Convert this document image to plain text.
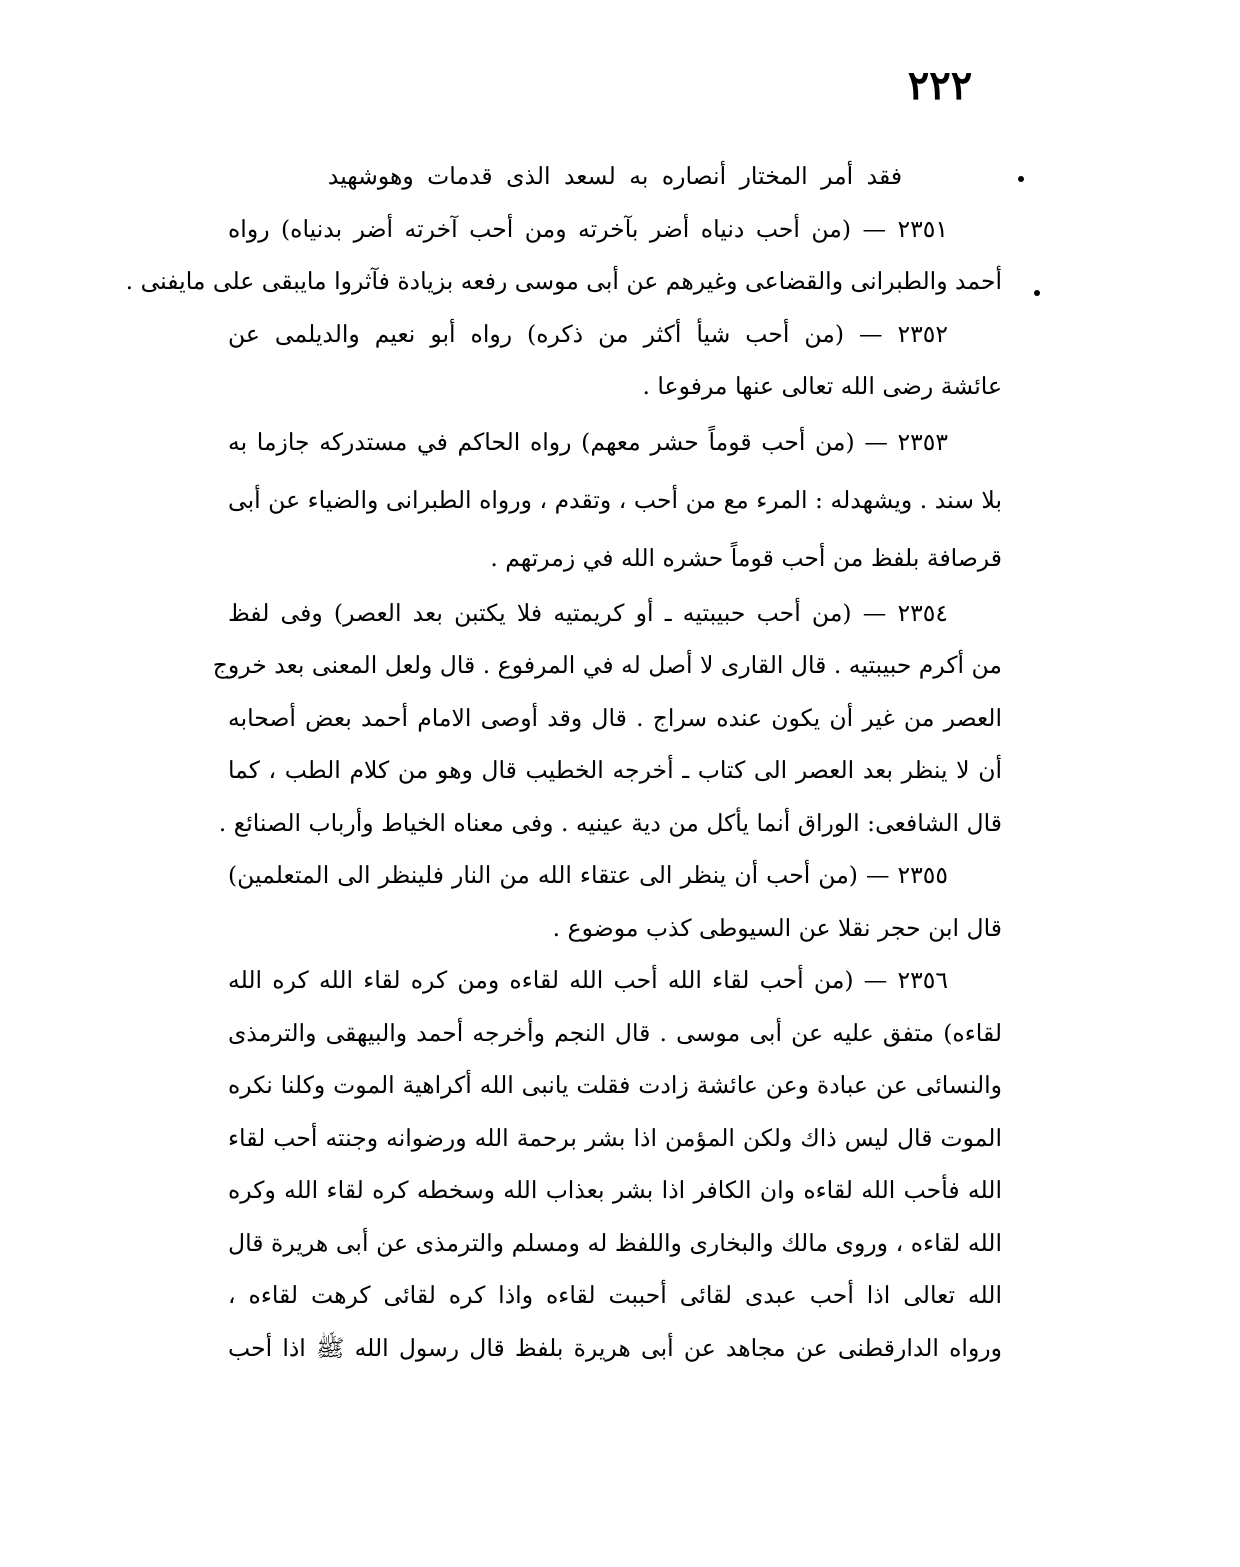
٢٢٢
فقد أمر المختار أنصاره به لسعد الذى قدمات وهوشهيد
٢٣٥١ — (من أحب دنياه أضر بآخرته ومن أحب آخرته أضر بدنياه) رواه
أحمد والطبرانى والقضاعى وغيرهم عن أبى موسى رفعه بزيادة فآثروا مايبقى على مايفنى .
٢٣٥٢ — (من أحب شيأ أكثر من ذكره) رواه أبو نعيم والديلمى عن
عائشة رضى الله تعالى عنها مرفوعا .
٢٣٥٣ — (من أحب قوماً حشر معهم) رواه الحاكم في مستدركه جازما به
بلا سند . ويشهدله : المرء مع من أحب ، وتقدم ، ورواه الطبرانى والضياء عن أبى
قرصافة بلفظ من أحب قوماً حشره الله في زمرتهم .
٢٣٥٤ — (من أحب حبيبتيه ـ أو كريمتيه فلا يكتبن بعد العصر) وفى لفظ
من أكرم حبيبتيه . قال القارى لا أصل له في المرفوع . قال ولعل المعنى بعد خروج
العصر من غير أن يكون عنده سراج . قال وقد أوصى الامام أحمد بعض أصحابه
أن لا ينظر بعد العصر الى كتاب ـ أخرجه الخطيب قال وهو من كلام الطب ، كما
قال الشافعى: الوراق أنما يأكل من دية عينيه . وفى معناه الخياط وأرباب الصنائع .
٢٣٥٥ — (من أحب أن ينظر الى عتقاء الله من النار فلينظر الى المتعلمين)
قال ابن حجر نقلا عن السيوطى كذب موضوع .
٢٣٥٦ — (من أحب لقاء الله أحب الله لقاءه ومن كره لقاء الله كره الله
لقاءه) متفق عليه عن أبى موسى . قال النجم وأخرجه أحمد والبيهقى والترمذى
والنسائى عن عبادة وعن عائشة زادت فقلت يانبى الله أكراهية الموت وكلنا نكره
الموت قال ليس ذاك ولكن المؤمن اذا بشر برحمة الله ورضوانه وجنته أحب لقاء
الله فأحب الله لقاءه وان الكافر اذا بشر بعذاب الله وسخطه كره لقاء الله وكره
الله لقاءه ، وروى مالك والبخارى واللفظ له ومسلم والترمذى عن أبى هريرة قال
الله تعالى اذا أحب عبدى لقائى أحببت لقاءه واذا كره لقائى كرهت لقاءه ،
ورواه الدارقطنى عن مجاهد عن أبى هريرة بلفظ قال رسول الله ﷺ اذا أحب
